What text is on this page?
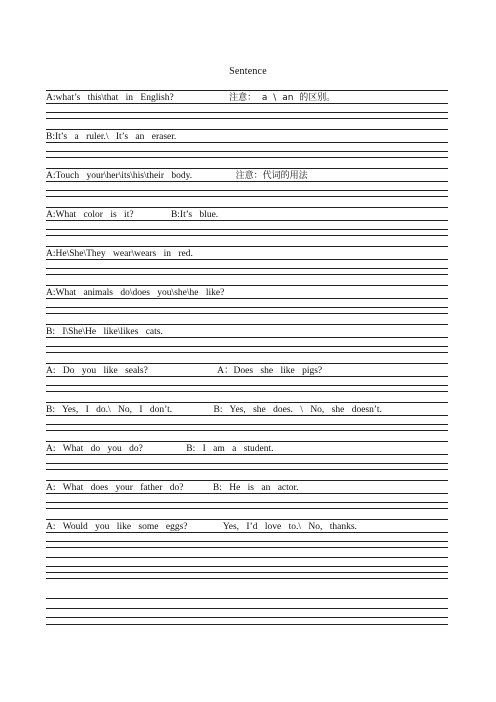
Sentence
A:what’s this\that in English?	注意： a \ an 的区别。
B:It’s a ruler.\ It’s an eraser.
A:Touch your\her\its\his\their body.	注意：代词的用法
A:What color is it?	B:It’s blue.
A:He\She\They wear\wears in red.
A:What animals do\does you\she\he like?
B: I\She\He like\likes cats.
A: Do you like seals?	A：Does she like pigs?
B: Yes, I do.\ No, I don’t.	B: Yes, she does. \ No, she doesn’t.
A: What do you do?	B: I am a student.
A: What does your father do?	B: He is an actor.
A: Would you like some eggs?	Yes, I’d love to.\ No, thanks.
